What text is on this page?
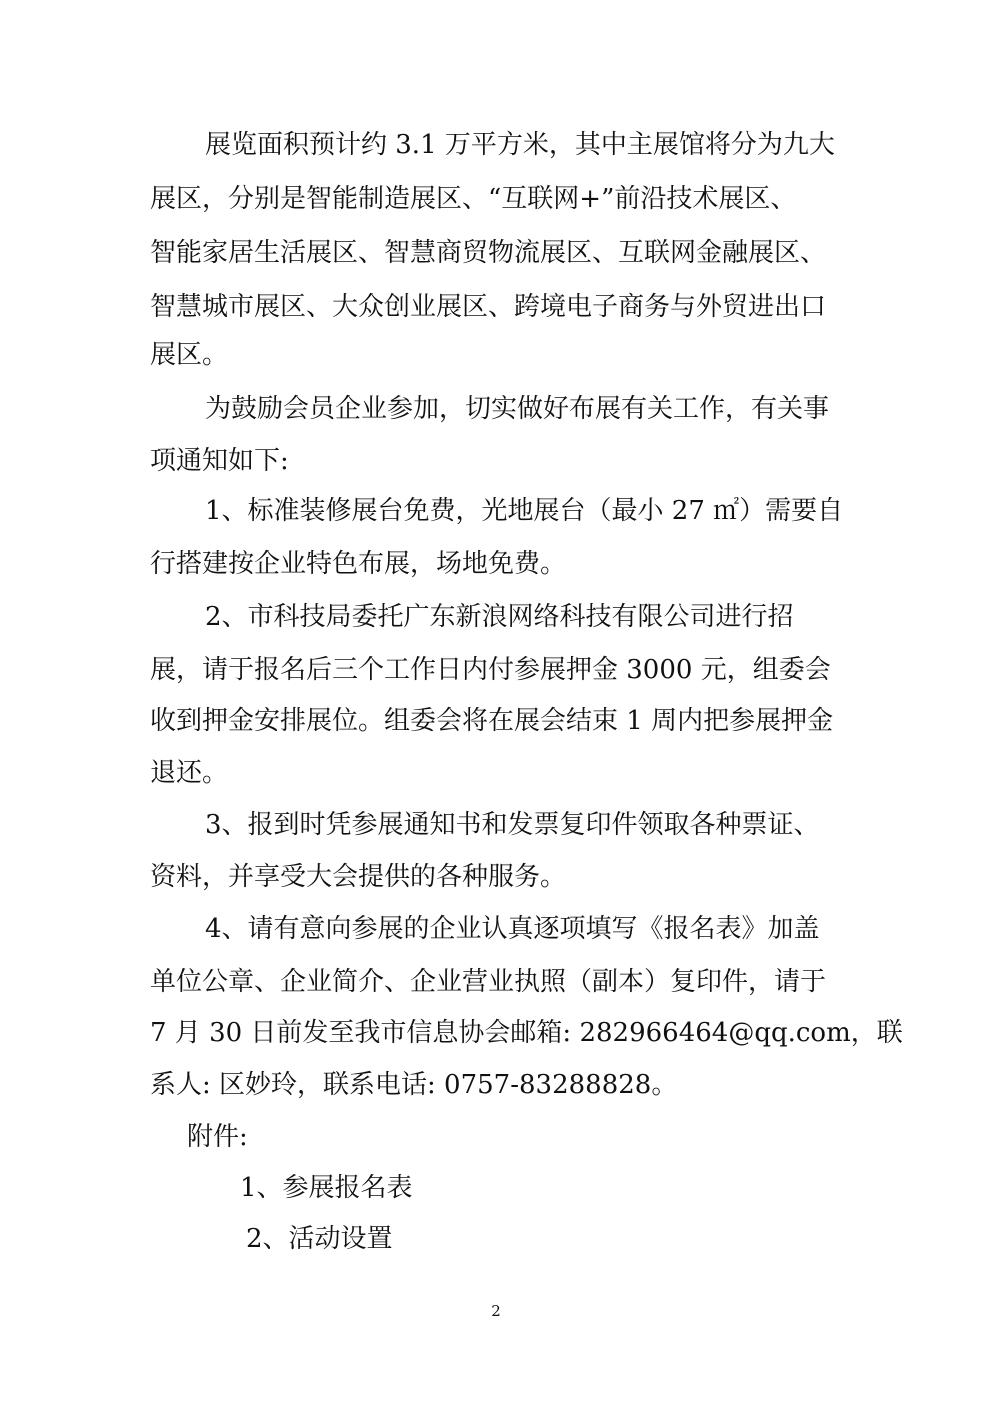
展览面积预计约 3.1 万平方米，其中主展馆将分为九大
展区，分别是智能制造展区、“互联网+”前沿技术展区、
智能家居生活展区、智慧商贸物流展区、互联网金融展区、
智慧城市展区、大众创业展区、跨境电子商务与外贸进出口
展区。
为鼓励会员企业参加，切实做好布展有关工作，有关事
项通知如下:
1、标准装修展台免费，光地展台（最小 27 ㎡）需要自
行搭建按企业特色布展，场地免费。
2、市科技局委托广东新浪网络科技有限公司进行招
展，请于报名后三个工作日内付参展押金 3000 元，组委会
收到押金安排展位。组委会将在展会结束 1 周内把参展押金
退还。
3、报到时凭参展通知书和发票复印件领取各种票证、
资料，并享受大会提供的各种服务。
4、请有意向参展的企业认真逐项填写《报名表》加盖
单位公章、企业简介、企业营业执照（副本）复印件，请于
7 月 30 日前发至我市信息协会邮箱: 282966464@qq.com，联
系人: 区妙玲，联系电话: 0757-83288828。
附件:
1、参展报名表
2、活动设置
2
